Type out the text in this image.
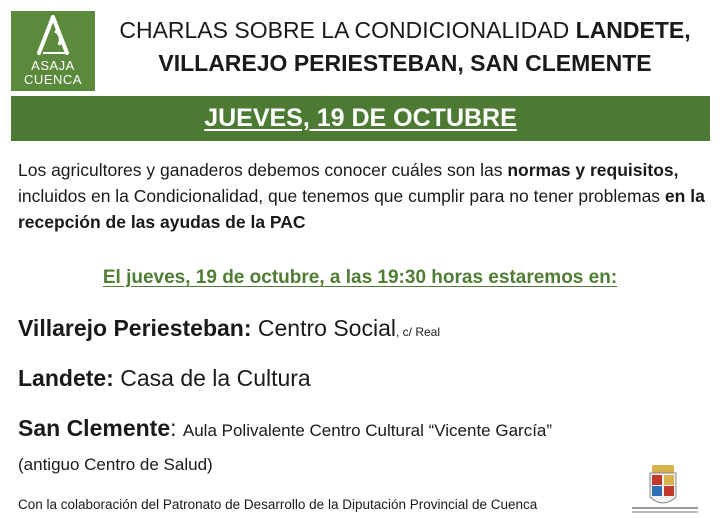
ASAJA
CUENCA
CHARLAS SOBRE LA CONDICIONALIDAD LANDETE,
VILLAREJO PERIESTEBAN, SAN CLEMENTE
JUEVES, 19 DE OCTUBRE
Los agricultores y ganaderos debemos conocer cuáles son las normas y requisitos, incluidos en la Condicionalidad, que tenemos que cumplir para no tener problemas en la recepción de las ayudas de la PAC
El jueves, 19 de octubre, a las 19:30 horas estaremos en:
Villarejo Periesteban: Centro Social, c/ Real
Landete: Casa de la Cultura
San Clemente: Aula Polivalente Centro Cultural “Vicente García”
(antiguo Centro de Salud)
Con la colaboración del Patronato de Desarrollo de la Diputación Provincial de Cuenca
